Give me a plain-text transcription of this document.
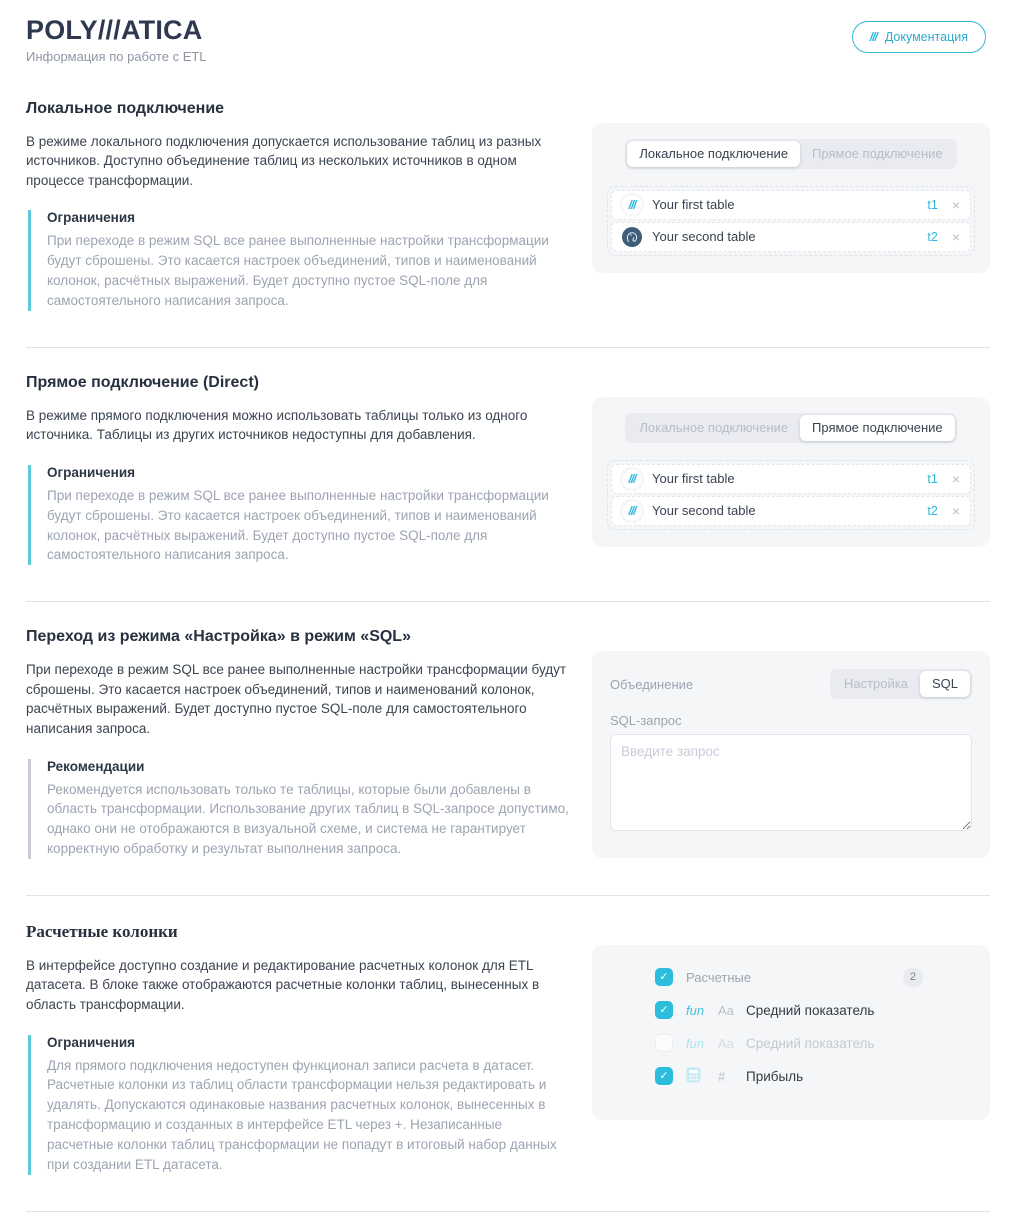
POLY///ATICA
Информация по работе с ETL
/// Документация
Локальное подключение

В режиме локального подключения допускается использование таблиц из разных источников. Доступно объединение таблиц из нескольких источников в одном процессе трансформации.

Ограничения

При переходе в режим SQL все ранее выполненные настройки трансформации будут сброшены. Это касается настроек объединений, типов и наименований колонок, расчётных выражений. Будет доступно пустое SQL-поле для самостоятельного написания запроса.

Локальное подключение	Прямое подключение
/// Your first table	t1 ×
Your second table	t2 ×
Прямое подключение (Direct)

В режиме прямого подключения можно использовать таблицы только из одного источника. Таблицы из других источников недоступны для добавления.

Ограничения

При переходе в режим SQL все ранее выполненные настройки трансформации будут сброшены. Это касается настроек объединений, типов и наименований колонок, расчётных выражений. Будет доступно пустое SQL-поле для самостоятельного написания запроса.

Локальное подключение	Прямое подключение
/// Your first table	t1 ×
/// Your second table	t2 ×
Переход из режима «Настройка» в режим «SQL»

При переходе в режим SQL все ранее выполненные настройки трансформации будут сброшены. Это касается настроек объединений, типов и наименований колонок, расчётных выражений. Будет доступно пустое SQL-поле для самостоятельного написания запроса.

Рекомендации

Рекомендуется использовать только те таблицы, которые были добавлены в область трансформации. Использование других таблиц в SQL-запросе допустимо, однако они не отображаются в визуальной схеме, и система не гарантирует корректную обработку и результат выполнения запроса.

Объединение	Настройка	SQL
SQL-запрос
Введите запрос
Расчетные колонки

В интерфейсе доступно создание и редактирование расчетных колонок для ETL датасета. В блоке также отображаются расчетные колонки таблиц, вынесенных в область трансформации.

Ограничения

Для прямого подключения недоступен функционал записи расчета в датасет. Расчетные колонки из таблиц области трансформации нельзя редактировать и удалять. Допускаются одинаковые названия расчетных колонок, вынесенных в трансформацию и созданных в интерфейсе ETL через +. Незаписанные расчетные колонки таблиц трансформации не попадут в итоговый набор данных при создании ETL датасета.

✓ Расчетные	2
✓ fun	Aa Средний показатель
fun	Aa Средний показатель
✓	#	Прибыль
